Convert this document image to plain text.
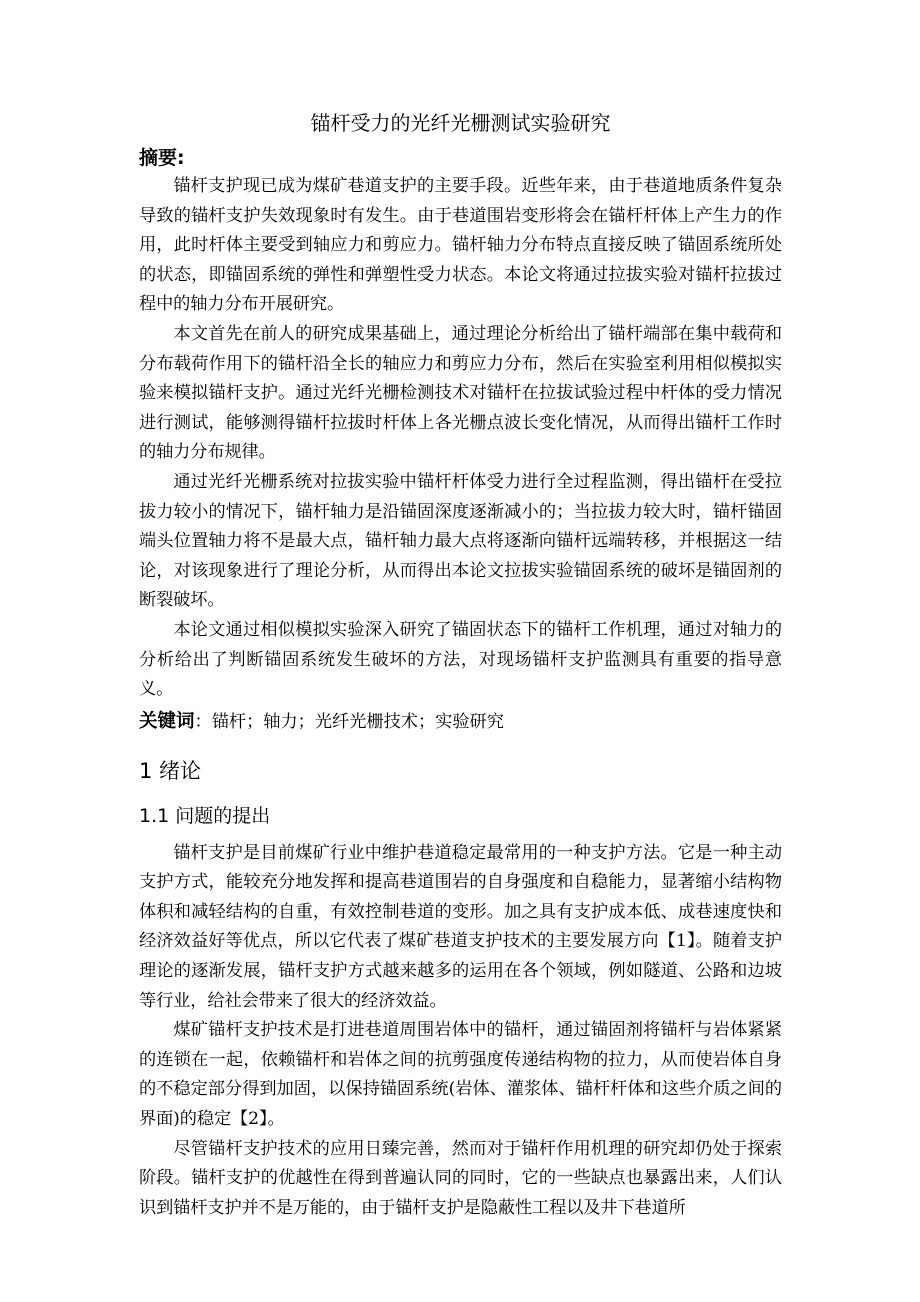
锚杆受力的光纤光栅测试实验研究
摘要:

锚杆支护现已成为煤矿巷道支护的主要手段。近些年来，由于巷道地质条件复杂导致的锚杆支护失效现象时有发生。由于巷道围岩变形将会在锚杆杆体上产生力的作用，此时杆体主要受到轴应力和剪应力。锚杆轴力分布特点直接反映了锚固系统所处的状态，即锚固系统的弹性和弹塑性受力状态。本论文将通过拉拔实验对锚杆拉拔过程中的轴力分布开展研究。

本文首先在前人的研究成果基础上，通过理论分析给出了锚杆端部在集中载荷和分布载荷作用下的锚杆沿全长的轴应力和剪应力分布，然后在实验室利用相似模拟实验来模拟锚杆支护。通过光纤光栅检测技术对锚杆在拉拔试验过程中杆体的受力情况进行测试，能够测得锚杆拉拔时杆体上各光栅点波长变化情况，从而得出锚杆工作时的轴力分布规律。

通过光纤光栅系统对拉拔实验中锚杆杆体受力进行全过程监测，得出锚杆在受拉拔力较小的情况下，锚杆轴力是沿锚固深度逐渐减小的；当拉拔力较大时，锚杆锚固端头位置轴力将不是最大点，锚杆轴力最大点将逐渐向锚杆远端转移，并根据这一结论，对该现象进行了理论分析，从而得出本论文拉拔实验锚固系统的破坏是锚固剂的断裂破坏。

本论文通过相似模拟实验深入研究了锚固状态下的锚杆工作机理，通过对轴力的分析给出了判断锚固系统发生破坏的方法，对现场锚杆支护监测具有重要的指导意义。

关键词：锚杆；轴力；光纤光栅技术；实验研究
1 绪论
1.1 问题的提出

锚杆支护是目前煤矿行业中维护巷道稳定最常用的一种支护方法。它是一种主动支护方式，能较充分地发挥和提高巷道围岩的自身强度和自稳能力，显著缩小结构物体积和减轻结构的自重，有效控制巷道的变形。加之具有支护成本低、成巷速度快和经济效益好等优点，所以它代表了煤矿巷道支护技术的主要发展方向【1】。随着支护理论的逐渐发展，锚杆支护方式越来越多的运用在各个领域，例如隧道、公路和边坡等行业，给社会带来了很大的经济效益。

煤矿锚杆支护技术是打进巷道周围岩体中的锚杆，通过锚固剂将锚杆与岩体紧紧的连锁在一起，依赖锚杆和岩体之间的抗剪强度传递结构物的拉力，从而使岩体自身的不稳定部分得到加固，以保持锚固系统(岩体、灌浆体、锚杆杆体和这些介质之间的界面)的稳定【2】。

尽管锚杆支护技术的应用日臻完善，然而对于锚杆作用机理的研究却仍处于探索阶段。锚杆支护的优越性在得到普遍认同的同时，它的一些缺点也暴露出来，人们认识到锚杆支护并不是万能的，由于锚杆支护是隐蔽性工程以及井下巷道所
